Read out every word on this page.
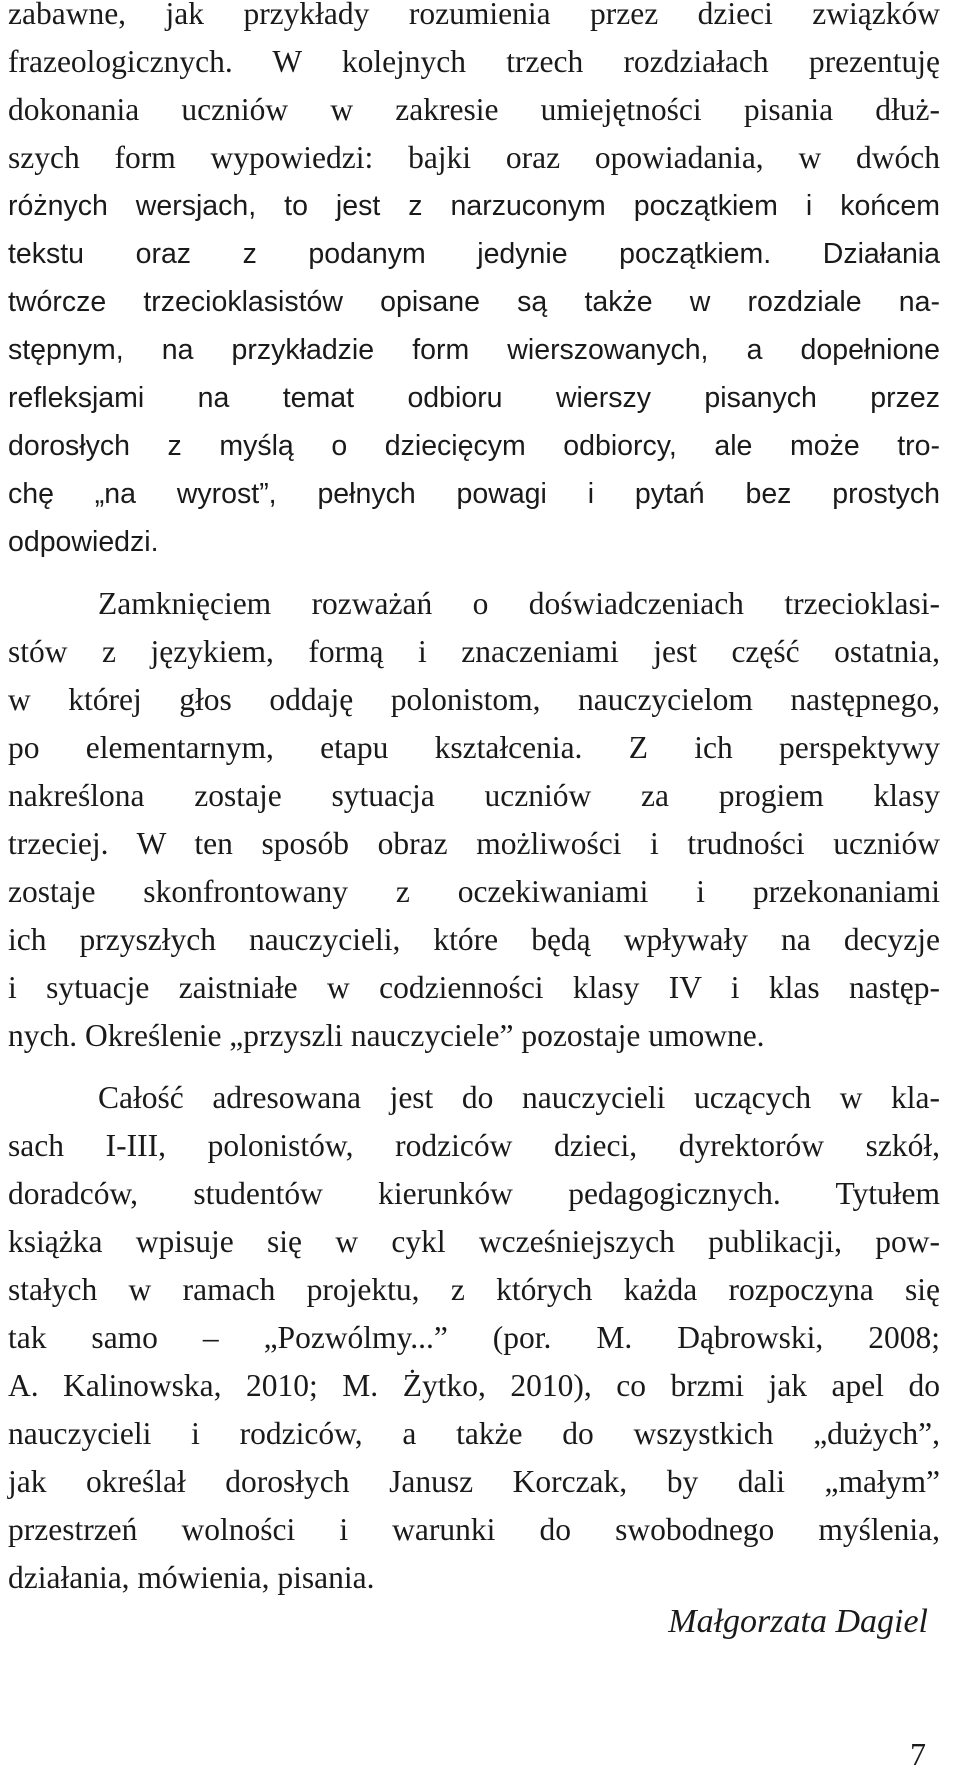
zabawne, jak przykłady rozumienia przez dzieci związków
frazeologicznych. W kolejnych trzech rozdziałach prezentuję
dokonania uczniów w zakresie umiejętności pisania dłuż-
szych form wypowiedzi: bajki oraz opowiadania, w dwóch
różnych wersjach, to jest z narzuconym początkiem i końcem
tekstu oraz z podanym jedynie początkiem. Działania
twórcze trzecioklasistów opisane są także w rozdziale na-
stępnym, na przykładzie form wierszowanych, a dopełnione
refleksjami na temat odbioru wierszy pisanych przez
dorosłych z myślą o dziecięcym odbiorcy, ale może tro-
chę „na wyrost”, pełnych powagi i pytań bez prostych
odpowiedzi.
Zamknięciem rozważań o doświadczeniach trzecioklasi-
stów z językiem, formą i znaczeniami jest część ostatnia,
w której głos oddaję polonistom, nauczycielom następnego,
po elementarnym, etapu kształcenia. Z ich perspektywy
nakreślona zostaje sytuacja uczniów za progiem klasy
trzeciej. W ten sposób obraz możliwości i trudności uczniów
zostaje skonfrontowany z oczekiwaniami i przekonaniami
ich przyszłych nauczycieli, które będą wpływały na decyzje
i sytuacje zaistniałe w codzienności klasy IV i klas następ-
nych. Określenie „przyszli nauczyciele” pozostaje umowne.
Całość adresowana jest do nauczycieli uczących w kla-
sach I-III, polonistów, rodziców dzieci, dyrektorów szkół,
doradców, studentów kierunków pedagogicznych. Tytułem
książka wpisuje się w cykl wcześniejszych publikacji, pow-
stałych w ramach projektu, z których każda rozpoczyna się
tak samo – „Pozwólmy...” (por. M. Dąbrowski, 2008;
A. Kalinowska, 2010; M. Żytko, 2010), co brzmi jak apel do
nauczycieli i rodziców, a także do wszystkich „dużych”,
jak określał dorosłych Janusz Korczak, by dali „małym”
przestrzeń wolności i warunki do swobodnego myślenia,
działania, mówienia, pisania.
Małgorzata Dagiel
7
